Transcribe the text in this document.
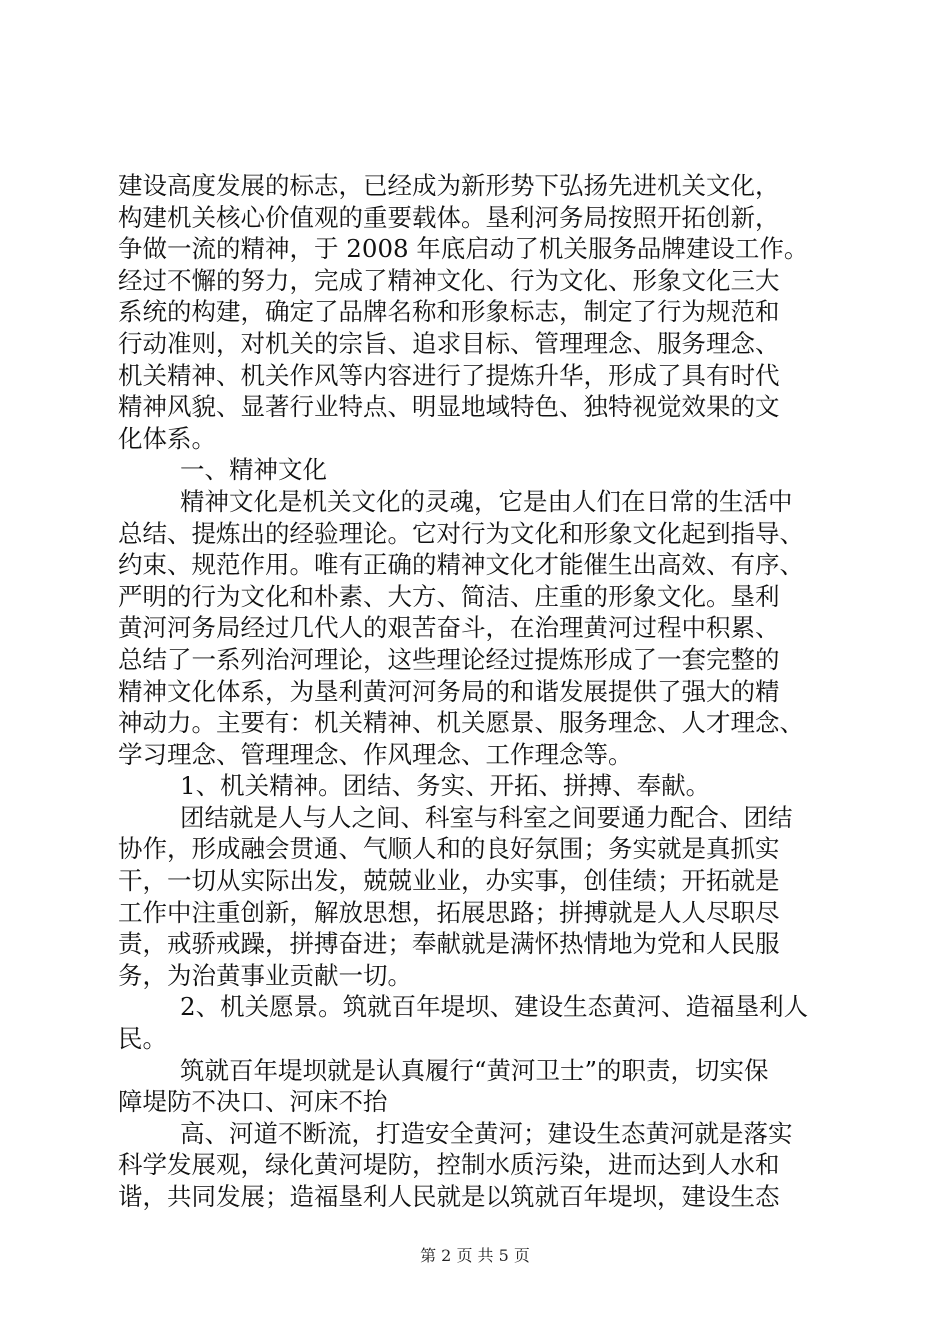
建设高度发展的标志，已经成为新形势下弘扬先进机关文化，
构建机关核心价值观的重要载体。垦利河务局按照开拓创新，
争做一流的精神，于 2008 年底启动了机关服务品牌建设工作。
经过不懈的努力，完成了精神文化、行为文化、形象文化三大
系统的构建，确定了品牌名称和形象标志，制定了行为规范和
行动准则，对机关的宗旨、追求目标、管理理念、服务理念、
机关精神、机关作风等内容进行了提炼升华，形成了具有时代
精神风貌、显著行业特点、明显地域特色、独特视觉效果的文
化体系。
一、精神文化
精神文化是机关文化的灵魂，它是由人们在日常的生活中
总结、提炼出的经验理论。它对行为文化和形象文化起到指导、
约束、规范作用。唯有正确的精神文化才能催生出高效、有序、
严明的行为文化和朴素、大方、简洁、庄重的形象文化。垦利
黄河河务局经过几代人的艰苦奋斗，在治理黄河过程中积累、
总结了一系列治河理论，这些理论经过提炼形成了一套完整的
精神文化体系，为垦利黄河河务局的和谐发展提供了强大的精
神动力。主要有：机关精神、机关愿景、服务理念、人才理念、
学习理念、管理理念、作风理念、工作理念等。
1、机关精神。团结、务实、开拓、拼搏、奉献。
团结就是人与人之间、科室与科室之间要通力配合、团结
协作，形成融会贯通、气顺人和的良好氛围；务实就是真抓实
干，一切从实际出发，兢兢业业，办实事，创佳绩；开拓就是
工作中注重创新，解放思想，拓展思路；拼搏就是人人尽职尽
责，戒骄戒躁，拼搏奋进；奉献就是满怀热情地为党和人民服
务，为治黄事业贡献一切。
2、机关愿景。筑就百年堤坝、建设生态黄河、造福垦利人
民。
筑就百年堤坝就是认真履行“黄河卫士”的职责，切实保
障堤防不决口、河床不抬
高、河道不断流，打造安全黄河；建设生态黄河就是落实
科学发展观，绿化黄河堤防，控制水质污染，进而达到人水和
谐，共同发展；造福垦利人民就是以筑就百年堤坝，建设生态
第 2 页 共 5 页
